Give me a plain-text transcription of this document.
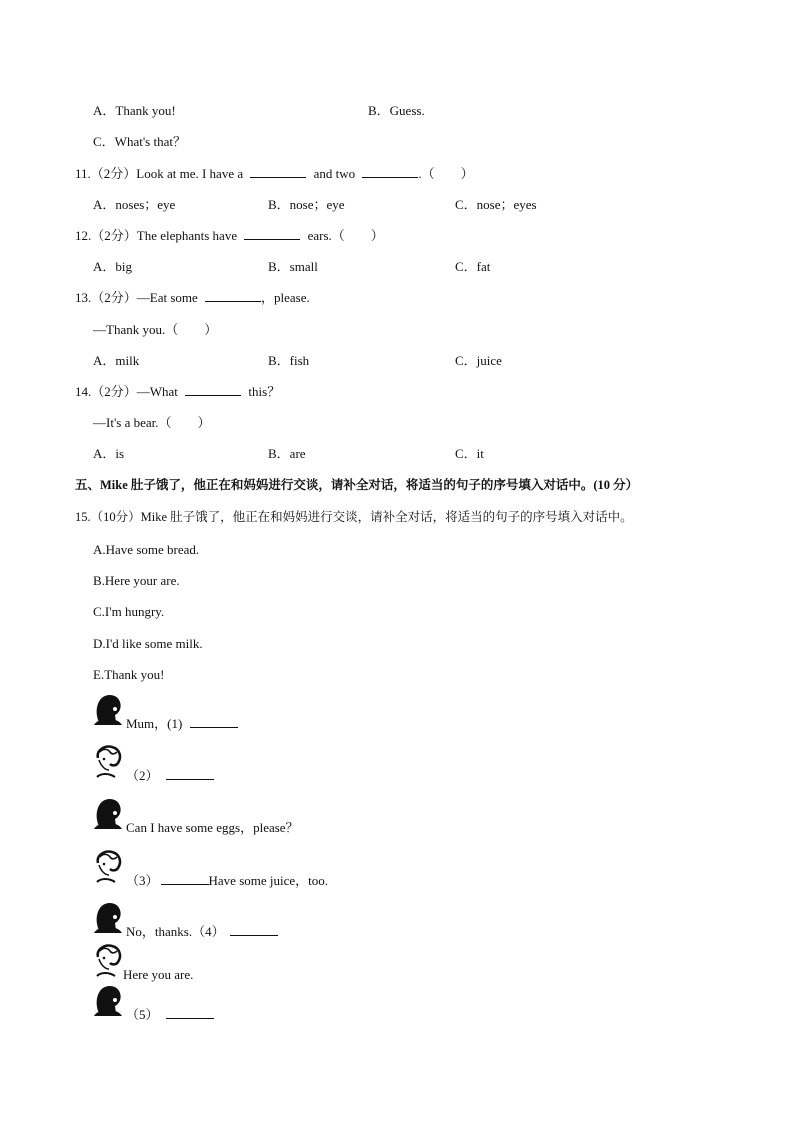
A．Thank you!	B．Guess.
C．What's that？
11.（2分）Look at me. I have a	and two	.（　　）
A．noses；eye	B．nose；eye	C．nose；eyes
12.（2分）The elephants have	ears.（　　）
A．big	B．small	C．fat
13.（2分）—Eat some	，please.
—Thank you.（　　）
A．milk	B．fish	C．juice
14.（2分）—What	this？
—It's a bear.（　　）
A．is	B．are	C．it
五、Mike 肚子饿了，他正在和妈妈进行交谈，请补全对话，将适当的句子的序号填入对话中。(10 分）
15.（10分）Mike 肚子饿了，他正在和妈妈进行交谈，请补全对话，将适当的句子的序号填入对话中。
A.Have some bread.
B.Here your are.
C.I'm hungry.
D.I'd like some milk.
E.Thank you!
Mum，(1)
（2）
Can I have some eggs，please？
（3）	Have some juice，too.
No，thanks.（4）
Here you are.
（5）
